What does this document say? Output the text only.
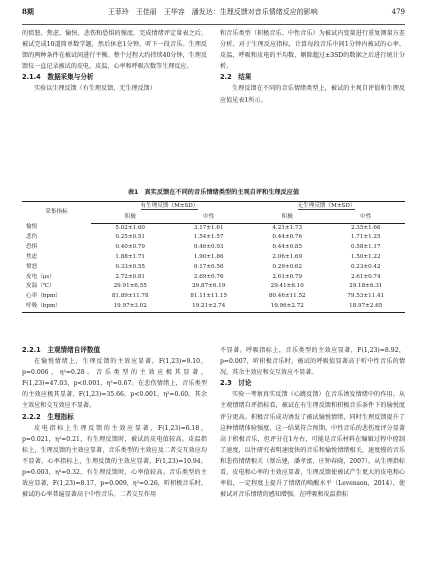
8期	王菲玲　王佳丽　王华容　潘发达：生理反馈对音乐情绪反应的影响	479

的愤怒、焦虑、愉快、悲伤和恐惧的强度。完成情绪评定量表之后，被试完成10道简单数学题，然后休息1分钟，听下一段音乐。生理反馈的两种条件在被试间进行平衡。整个过程大约持续40分钟，生理反馈仪一直记录被试的皮电、皮温、心率和呼吸次数等生理反应。

2.1.4　数据采集与分析

实验以生理反馈（有生理反馈、无生理反馈）

和音乐类型（积极音乐、中性音乐）为被试内变量进行重复测量方差分析。对于生理反应指标，计算每段音乐中间1分钟内被试的心率、皮温、呼吸和皮电的平均数，剔除超过±3SD的数据之后进行统计分析。

2.2　结果

生理反馈在不同的音乐情绪类型上，被试的主观自评值和生理反应值见表1所示。

表1　真实反馈在不同的音乐情绪类型的主观自评和生理反应值
采集指标	有生理反馈（M±SD）		无生理反馈（M±SD）	

	积极	中性	积极	中性
愉悦	5.02±1.60	3.17±1.61	4.21±1.73	2.35±1.66
悲伤	0.25±0.51	1.54±1.57	0.44±0.76	1.71±1.25
恐惧	0.40±0.79	0.46±0.93	0.44±0.85	0.58±1.17
焦虑	1.88±1.71	1.90±1.86	2.06±1.69	1.50±1.22
愤怒	0.33±0.55	0.17±0.56	0.29±0.62	0.23±0.42
皮电（μs）	2.72±0.81	2.69±0.76	2.61±0.79	2.61±0.74
皮温（℃）	29.91±6.55	29.87±6.19	29.41±6.10	29.18±6.31
心率（bpm）	81.89±11.78	81.11±11.15	80.46±11.52	79.53±11.41
呼吸（bpm）	19.97±3.02	19.21±2.74	19.96±2.72	18.97±2.65

2.2.1　主观情绪自评数值

在愉悦情绪上，生理反馈的主效应显著，F(1,23)=9.10，p=0.006，η²=0.28。音乐类型的主效应极其显著，F(1,23)=47.03，p<0.001，η²=0.67。在悲伤情绪上，音乐类型的主效应极其显著，F(1,23)=35.66，p<0.001，η²=0.60。其余主效应和交互效应不显著。

2.2.2　生理指标

皮电指标上生理反馈的主效应显著，F(1,23)=6.18，p=0.021，η²=0.21，有生理反馈时，被试的皮电值较高。皮温指标上，生理反馈的主效应显著，音乐类型的主效应及二者交互效应均不显著。心率指标上，生理反馈的主效应显著，F(1,23)=10.94，p=0.003，η²=0.32，有生理反馈时，心率值较高。音乐类型的主效应显著，F(1,23)=8.17，p=0.009，η²=0.26，听积极音乐时，被试的心率普遍显著高于中性音乐。二者交互作用

不显著。呼吸指标上，音乐类型的主效应显著，F(1,23)=8.92，p=0.007，听积极音乐时，被试的呼吸值显著高于听中性音乐的情况。其余主效应和交互效应不显著。

2.3　讨论

实验一考察真实反馈（心跳反馈）在音乐诱发情绪中的作用。从主观情绪自评指标看，被试在有生理反馈和积极音乐条件下的愉悦度评分更高。积极音乐成功诱发了被试愉悦情绪，同时生理反馈提升了这种情绪体验强度，这一结果符合预期。中性音乐的悲伤度评分显著高于积极音乐，但评分在1左右，可能是音乐材料在编辑过程中控制了速度，以往研究表明速度快的音乐和愉悦情绪相关，速度慢的音乐和悲伤情绪相关（蔡岳建，潘孝富，庄钟春晓，2007）。从生理指标看，皮电和心率的主效应显著，生理反馈使被试产生更大的皮电和心率值，一定程度上提升了情绪的唤醒水平（Levenson，2014），使被试对音乐情绪的感知增强。在呼吸和皮温指标
